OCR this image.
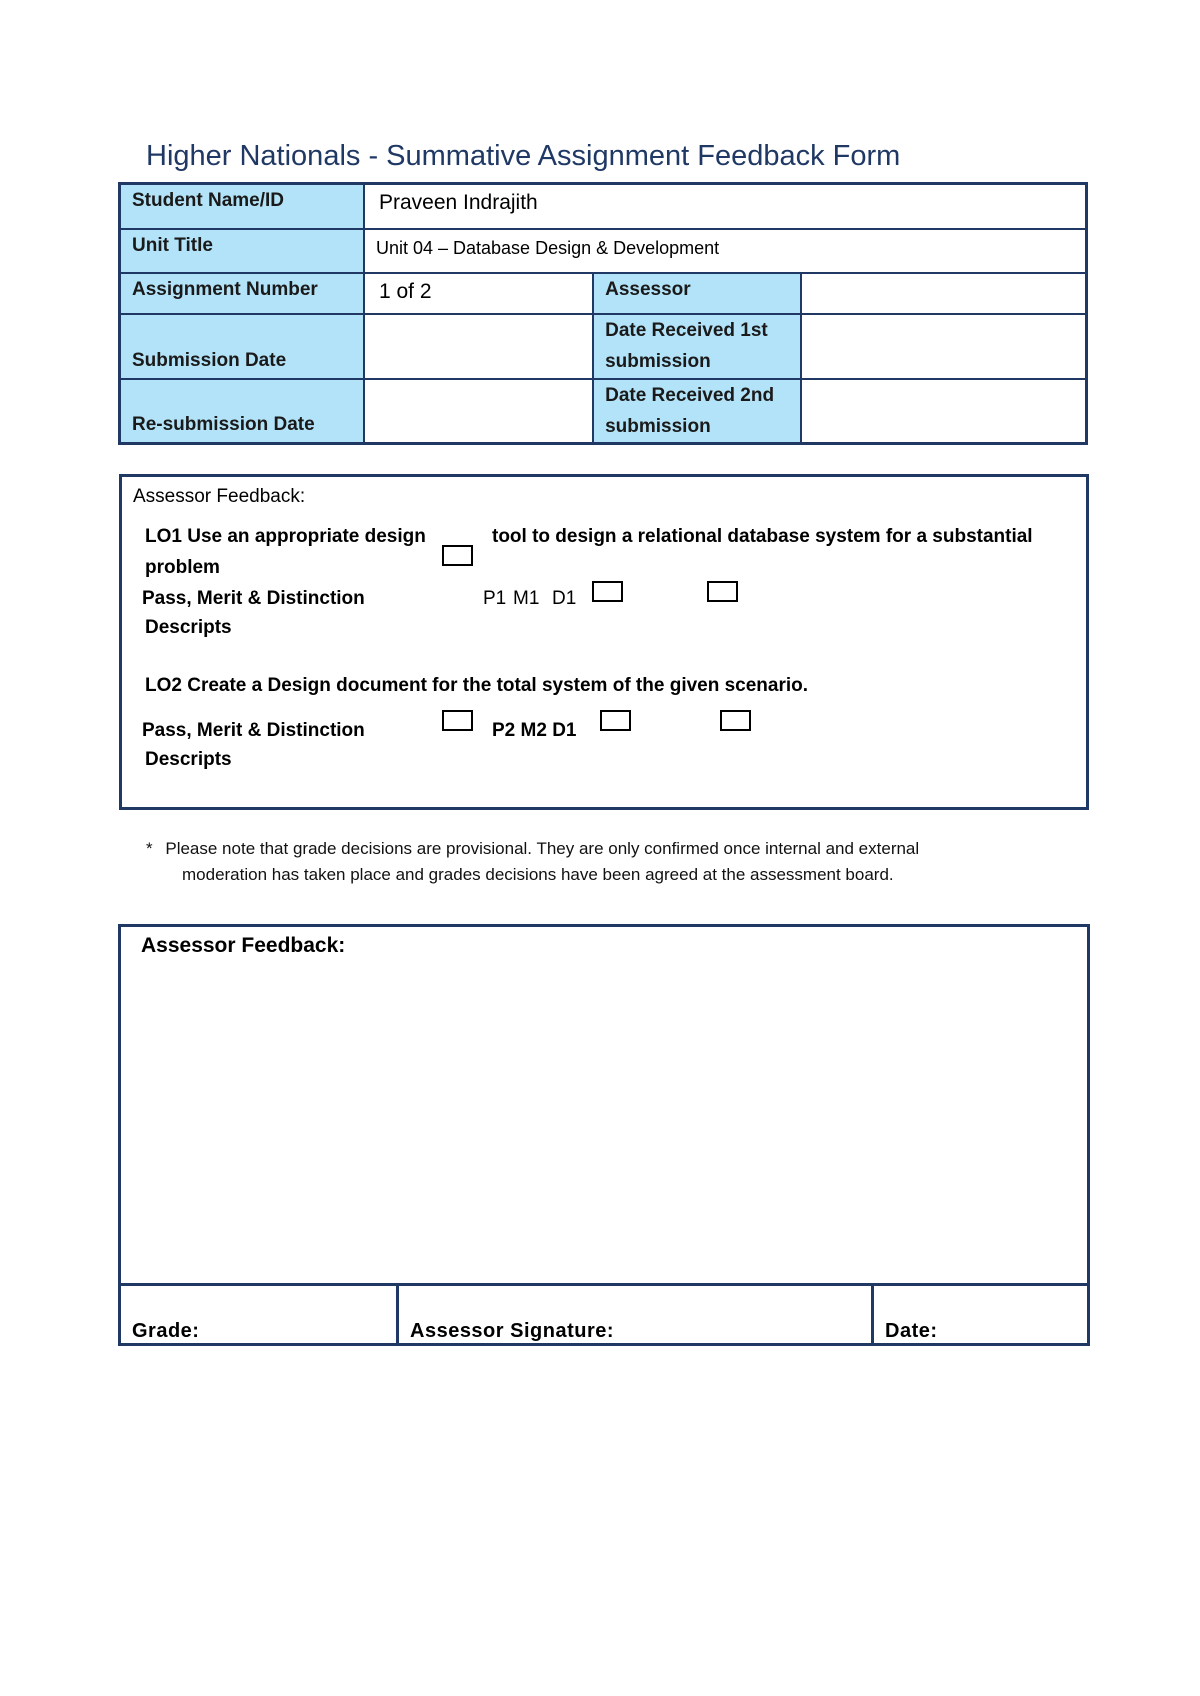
Higher Nationals - Summative Assignment Feedback Form
Student Name/ID	Praveen Indrajith		
Unit Title	Unit 04 – Database Design & Development		
Assignment Number	1 of 2	Assessor	
Submission Date		Date Received 1st
submission	

Re-submission Date		Date Received 2nd
submission	

Assessor Feedback:
LO1 Use an appropriate design	tool to design a relational database system for a substantial
problem
Pass, Merit & Distinction
Descripts
P1 M1 D1
LO2 Create a Design document for the total system of the given scenario.
Pass, Merit & Distinction
Descripts
P2 M2 D1
* Please note that grade decisions are provisional. They are only confirmed once internal and external
moderation has taken place and grades decisions have been agreed at the assessment board.
Assessor Feedback:
Grade:	Assessor Signature:	Date:
